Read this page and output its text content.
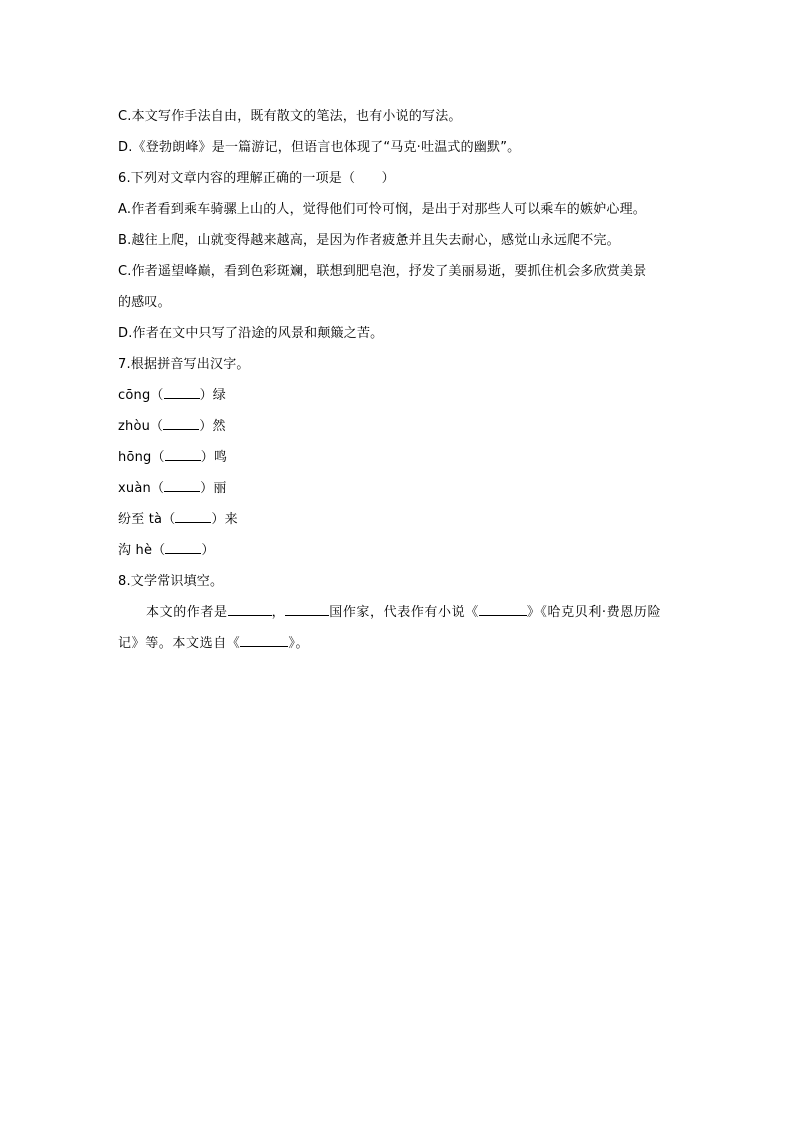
C.本文写作手法自由，既有散文的笔法，也有小说的写法。
D.《登勃朗峰》是一篇游记，但语言也体现了“马克·吐温式的幽默”。
6.下列对文章内容的理解正确的一项是（　　）
A.作者看到乘车骑骡上山的人，觉得他们可怜可悯，是出于对那些人可以乘车的嫉妒心理。
B.越往上爬，山就变得越来越高，是因为作者疲惫并且失去耐心，感觉山永远爬不完。
C.作者遥望峰巅，看到色彩斑斓，联想到肥皂泡，抒发了美丽易逝，要抓住机会多欣赏美景
的感叹。
D.作者在文中只写了沿途的风景和颠簸之苦。
7.根据拼音写出汉字。
cōng（	）绿
zhòu（	）然
hōng（	）鸣
xuàn（	）丽
纷至 tà（	）来
沟 hè（	）
8.文学常识填空。
本文的作者是	，	国作家，代表作有小说《	》《哈克贝利·费恩历险记》等。本文选自《	》。
